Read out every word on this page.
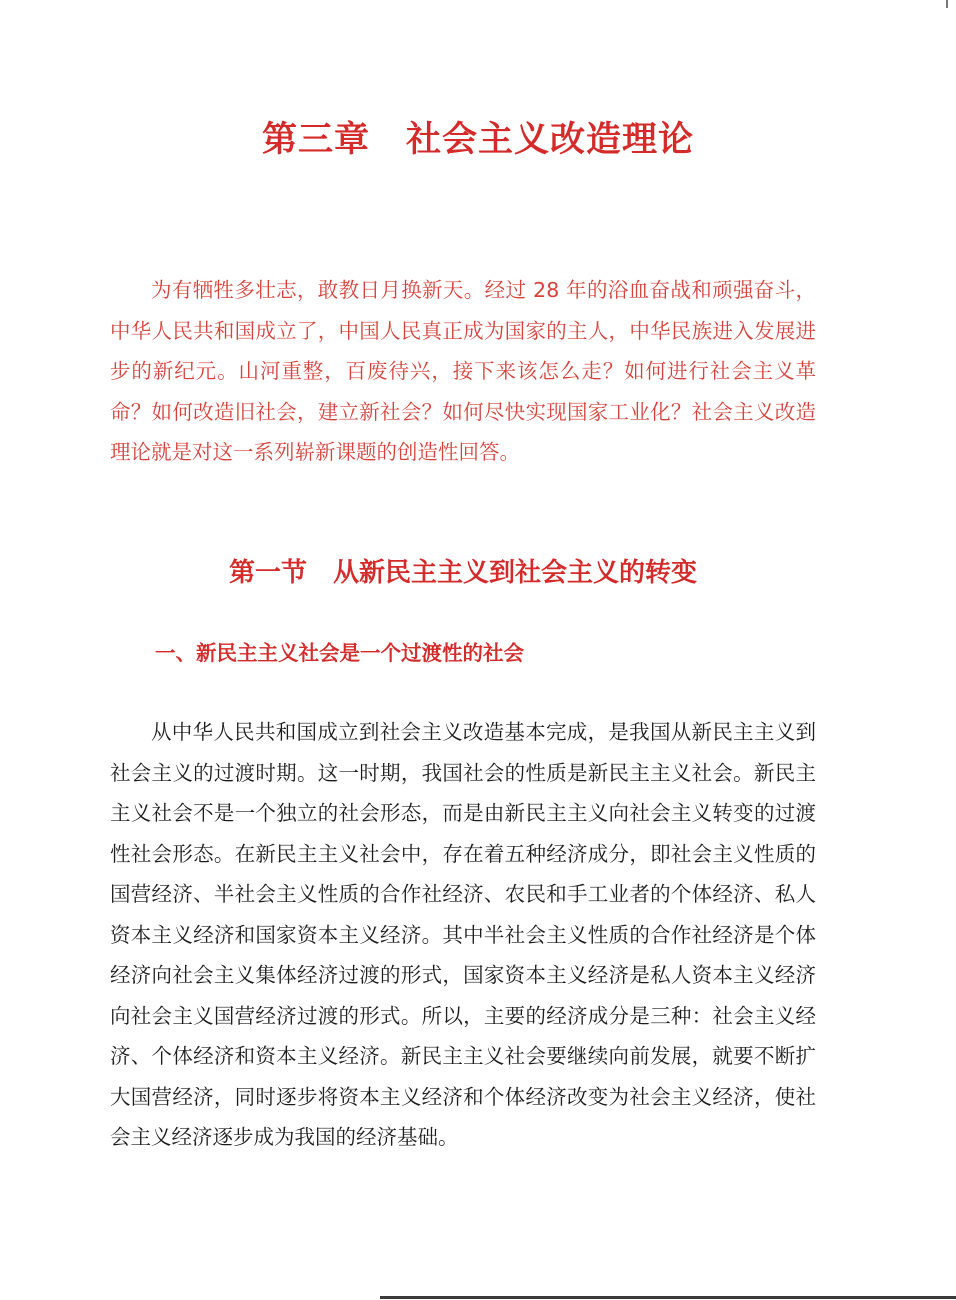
第三章 社会主义改造理论

为有牺牲多壮志，敢教日月换新天。经过 28 年的浴血奋战和顽强奋斗，中华人民共和国成立了，中国人民真正成为国家的主人，中华民族进入发展进步的新纪元。山河重整，百废待兴，接下来该怎么走？如何进行社会主义革命？如何改造旧社会，建立新社会？如何尽快实现国家工业化？社会主义改造理论就是对这一系列崭新课题的创造性回答。

第一节 从新民主主义到社会主义的转变
一、新民主主义社会是一个过渡性的社会

从中华人民共和国成立到社会主义改造基本完成，是我国从新民主主义到社会主义的过渡时期。这一时期，我国社会的性质是新民主主义社会。新民主主义社会不是一个独立的社会形态，而是由新民主主义向社会主义转变的过渡性社会形态。在新民主主义社会中，存在着五种经济成分，即社会主义性质的国营经济、半社会主义性质的合作社经济、农民和手工业者的个体经济、私人资本主义经济和国家资本主义经济。其中半社会主义性质的合作社经济是个体经济向社会主义集体经济过渡的形式，国家资本主义经济是私人资本主义经济向社会主义国营经济过渡的形式。所以，主要的经济成分是三种：社会主义经济、个体经济和资本主义经济。新民主主义社会要继续向前发展，就要不断扩大国营经济，同时逐步将资本主义经济和个体经济改变为社会主义经济，使社会主义经济逐步成为我国的经济基础。
